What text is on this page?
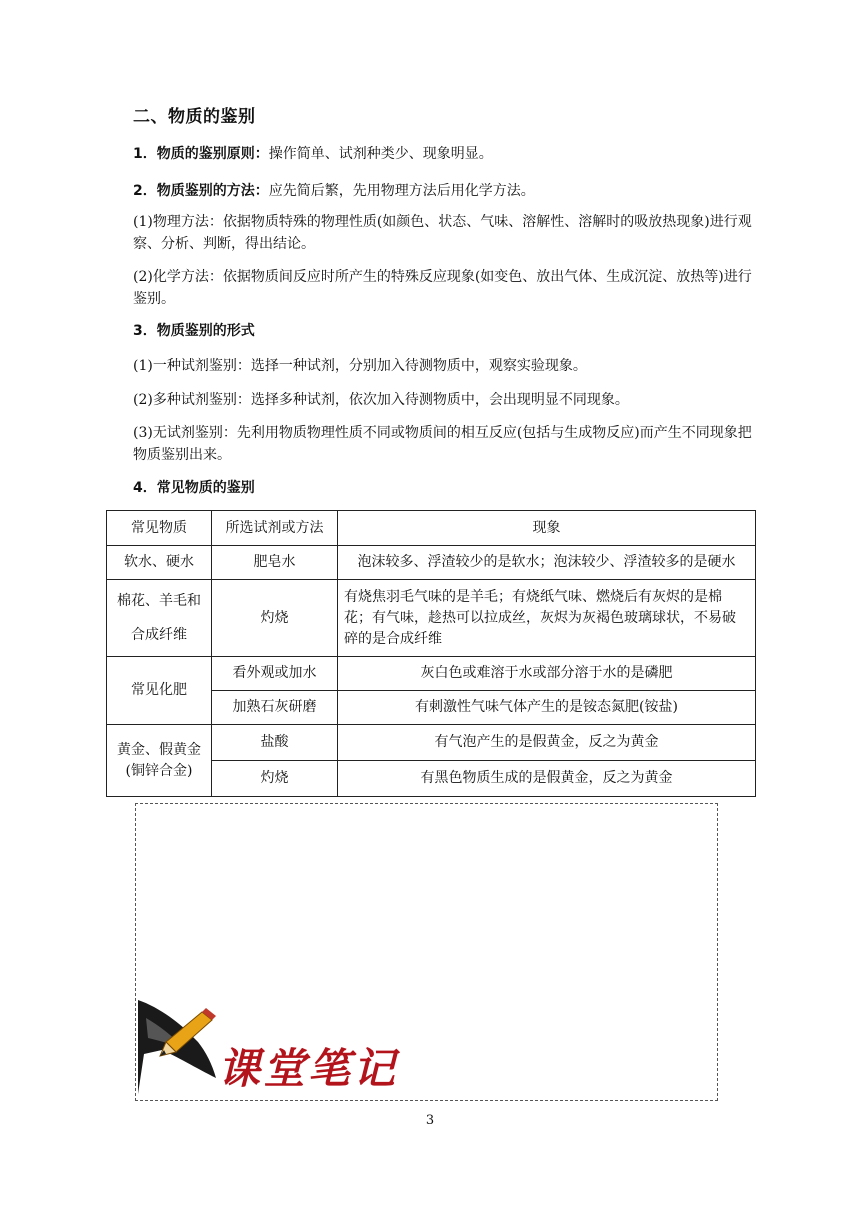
二、物质的鉴别
1．物质的鉴别原则：操作简单、试剂种类少、现象明显。
2．物质鉴别的方法：应先简后繁，先用物理方法后用化学方法。
(1)物理方法：依据物质特殊的物理性质(如颜色、状态、气味、溶解性、溶解时的吸放热现象)进行观察、分析、判断，得出结论。
(2)化学方法：依据物质间反应时所产生的特殊反应现象(如变色、放出气体、生成沉淀、放热等)进行鉴别。
3．物质鉴别的形式
(1)一种试剂鉴别：选择一种试剂，分别加入待测物质中，观察实验现象。
(2)多种试剂鉴别：选择多种试剂，依次加入待测物质中，会出现明显不同现象。
(3)无试剂鉴别：先利用物质物理性质不同或物质间的相互反应(包括与生成物反应)而产生不同现象把物质鉴别出来。
4．常见物质的鉴别
常见物质	所选试剂或方法	现象
软水、硬水	肥皂水	泡沫较多、浮渣较少的是软水；泡沫较少、浮渣较多的是硬水

棉花、羊毛和
合成纤维	灼烧	有烧焦羽毛气味的是羊毛；有烧纸气味、燃烧后有灰烬的是棉花；有气味，趁热可以拉成丝，灰烬为灰褐色玻璃球状，不易破碎的是合成纤维
常见化肥	看外观或加水	灰白色或难溶于水或部分溶于水的是磷肥
	加熟石灰研磨	有刺激性气味气体产生的是铵态氮肥(铵盐)

黄金、假黄金
(铜锌合金)	盐酸	有气泡产生的是假黄金，反之为黄金
	灼烧	有黑色物质生成的是假黄金，反之为黄金
课堂笔记
3
